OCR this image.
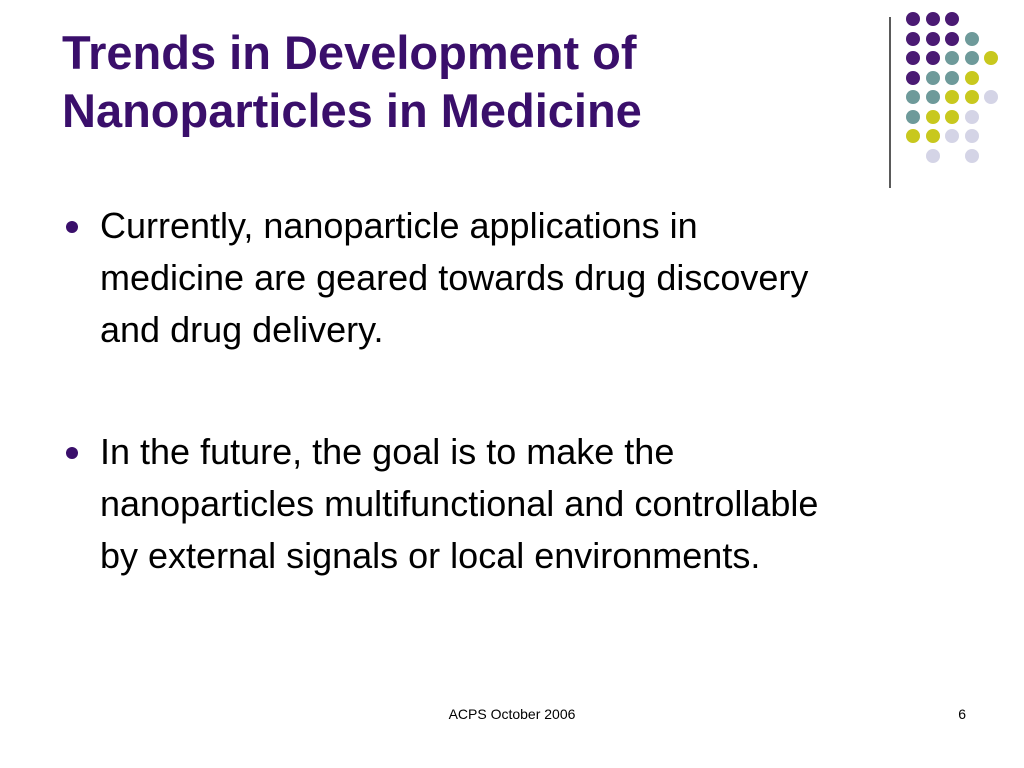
Trends in Development of
Nanoparticles in Medicine
Currently, nanoparticle applications in
medicine are geared towards drug discovery
and drug delivery.
In the future, the goal is to make the
nanoparticles multifunctional and controllable
by external signals or local environments.
ACPS October 2006	6
